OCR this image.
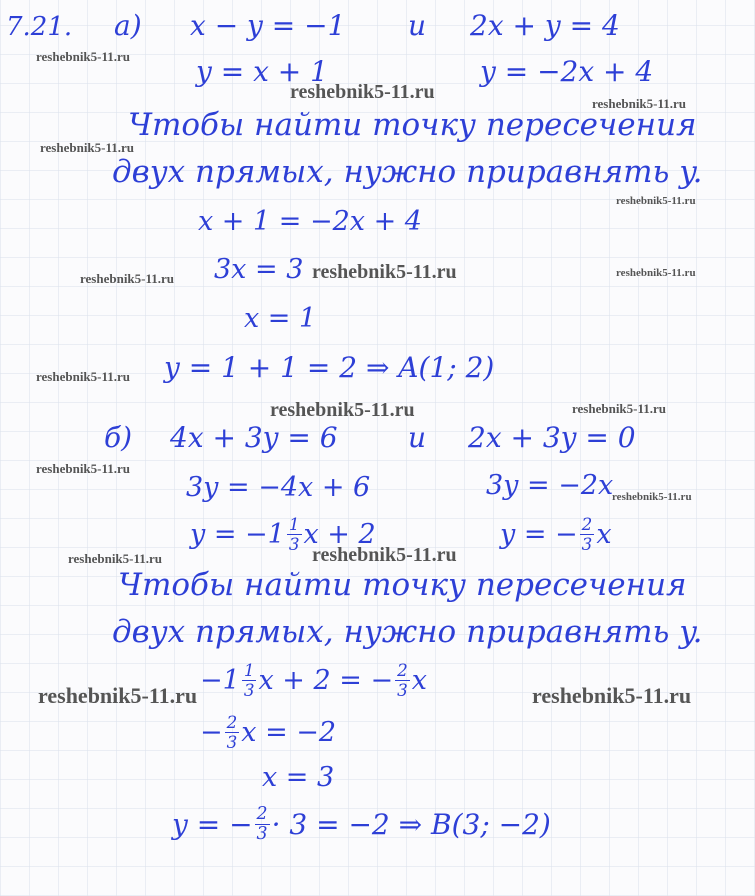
7.21. а) x − y = −1 и 2x + y = 4
y = x + 1	y = −2x + 4
Чтобы найти точку пересечения
двух прямых, нужно приравнять y.
x + 1 = −2x + 4
3x = 3
x = 1
y = 1 + 1 = 2 ⇒ A(1; 2)
б) 4x + 3y = 6	и 2x + 3y = 0
3y = −4x + 6	3y = −2x
$y = -1 \frac{1}{3}$ x + 2	y = − $\frac{2}{3}$ x
Чтобы найти точку пересечения
двух прямых, нужно приравнять y.
$-1 \frac{1}{3}$ x + 2 = − $\frac{2}{3}$ x
− $\frac{2}{3}$ x = −2
x = 3
y = − $\frac{2}{3} \cdot 3 = -2$ ⇒ B(3; −2)
reshebnik5-11.ru
reshebnik5-11.ru
reshebnik5-11.ru
reshebnik5-11.ru
reshebnik5-11.ru
reshebnik5-11.ru	reshebnik5-11.ru	reshebnik5-11.ru
reshebnik5-11.ru
reshebnik5-11.ru	reshebnik5-11.ru
reshebnik5-11.ru
reshebnik5-11.ru
reshebnik5-11.ru	reshebnik5-11.ru
reshebnik5-11.ru	reshebnik5-11.ru
